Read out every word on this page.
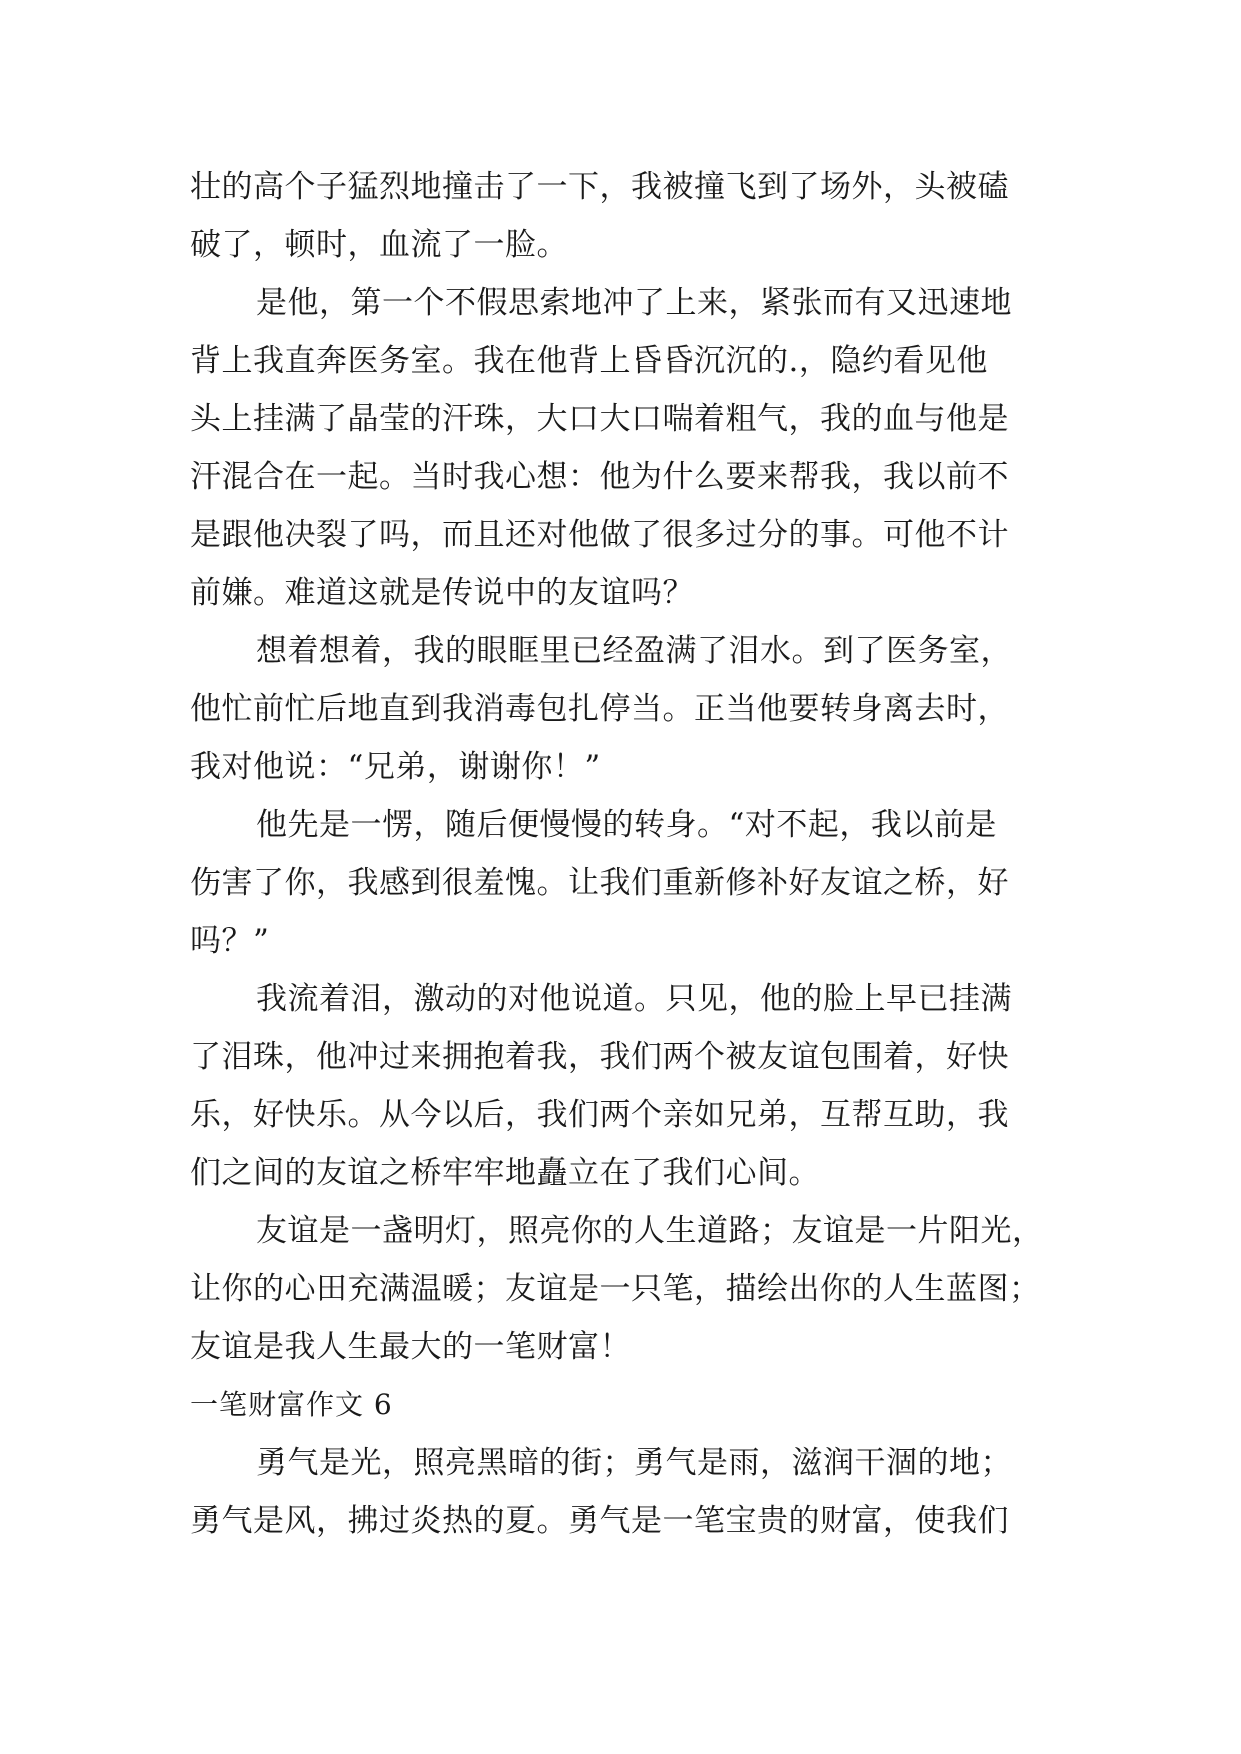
壮的高个子猛烈地撞击了一下，我被撞飞到了场外，头被磕
破了，顿时，血流了一脸。
是他，第一个不假思索地冲了上来，紧张而有又迅速地
背上我直奔医务室。我在他背上昏昏沉沉的.，隐约看见他
头上挂满了晶莹的汗珠，大口大口喘着粗气，我的血与他是
汗混合在一起。当时我心想：他为什么要来帮我，我以前不
是跟他决裂了吗，而且还对他做了很多过分的事。可他不计
前嫌。难道这就是传说中的友谊吗？
想着想着，我的眼眶里已经盈满了泪水。到了医务室，
他忙前忙后地直到我消毒包扎停当。正当他要转身离去时，
我对他说：“兄弟，谢谢你！”
他先是一愣，随后便慢慢的转身。“对不起，我以前是
伤害了你，我感到很羞愧。让我们重新修补好友谊之桥，好
吗？”
我流着泪，激动的对他说道。只见，他的脸上早已挂满
了泪珠，他冲过来拥抱着我，我们两个被友谊包围着，好快
乐，好快乐。从今以后，我们两个亲如兄弟，互帮互助，我
们之间的友谊之桥牢牢地矗立在了我们心间。
友谊是一盏明灯，照亮你的人生道路；友谊是一片阳光，
让你的心田充满温暖；友谊是一只笔，描绘出你的人生蓝图；
友谊是我人生最大的一笔财富！
一笔财富作文 6
勇气是光，照亮黑暗的街；勇气是雨，滋润干涸的地；
勇气是风，拂过炎热的夏。勇气是一笔宝贵的财富，使我们
